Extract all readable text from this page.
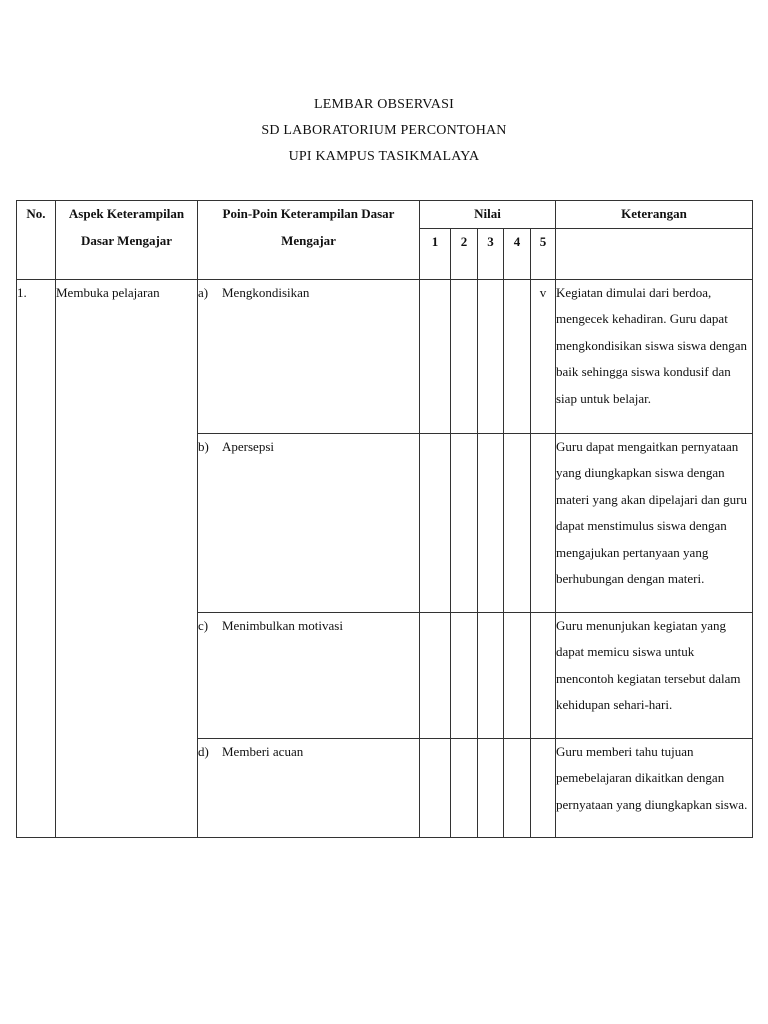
LEMBAR OBSERVASI
SD LABORATORIUM PERCONTOHAN
UPI KAMPUS TASIKMALAYA
No.	Aspek Keterampilan Dasar Mengajar	Poin-Poin Keterampilan Dasar Mengajar	Nilai					Keterangan
			1	2	3	4	5	
1.	Membuka pelajaran	a) Mengkondisikan					v	Kegiatan dimulai dari berdoa, mengecek kehadiran. Guru dapat mengkondisikan siswa siswa dengan baik sehingga siswa kondusif dan siap untuk belajar.
		b) Apersepsi						Guru dapat mengaitkan pernyataan yang diungkapkan siswa dengan materi yang akan dipelajari dan guru dapat menstimulus siswa dengan mengajukan pertanyaan yang berhubungan dengan materi.
		c) Menimbulkan motivasi						Guru menunjukan kegiatan yang dapat memicu siswa untuk mencontoh kegiatan tersebut dalam kehidupan sehari-hari.
		d) Memberi acuan						Guru memberi tahu tujuan pemebelajaran dikaitkan dengan pernyataan yang diungkapkan siswa.
